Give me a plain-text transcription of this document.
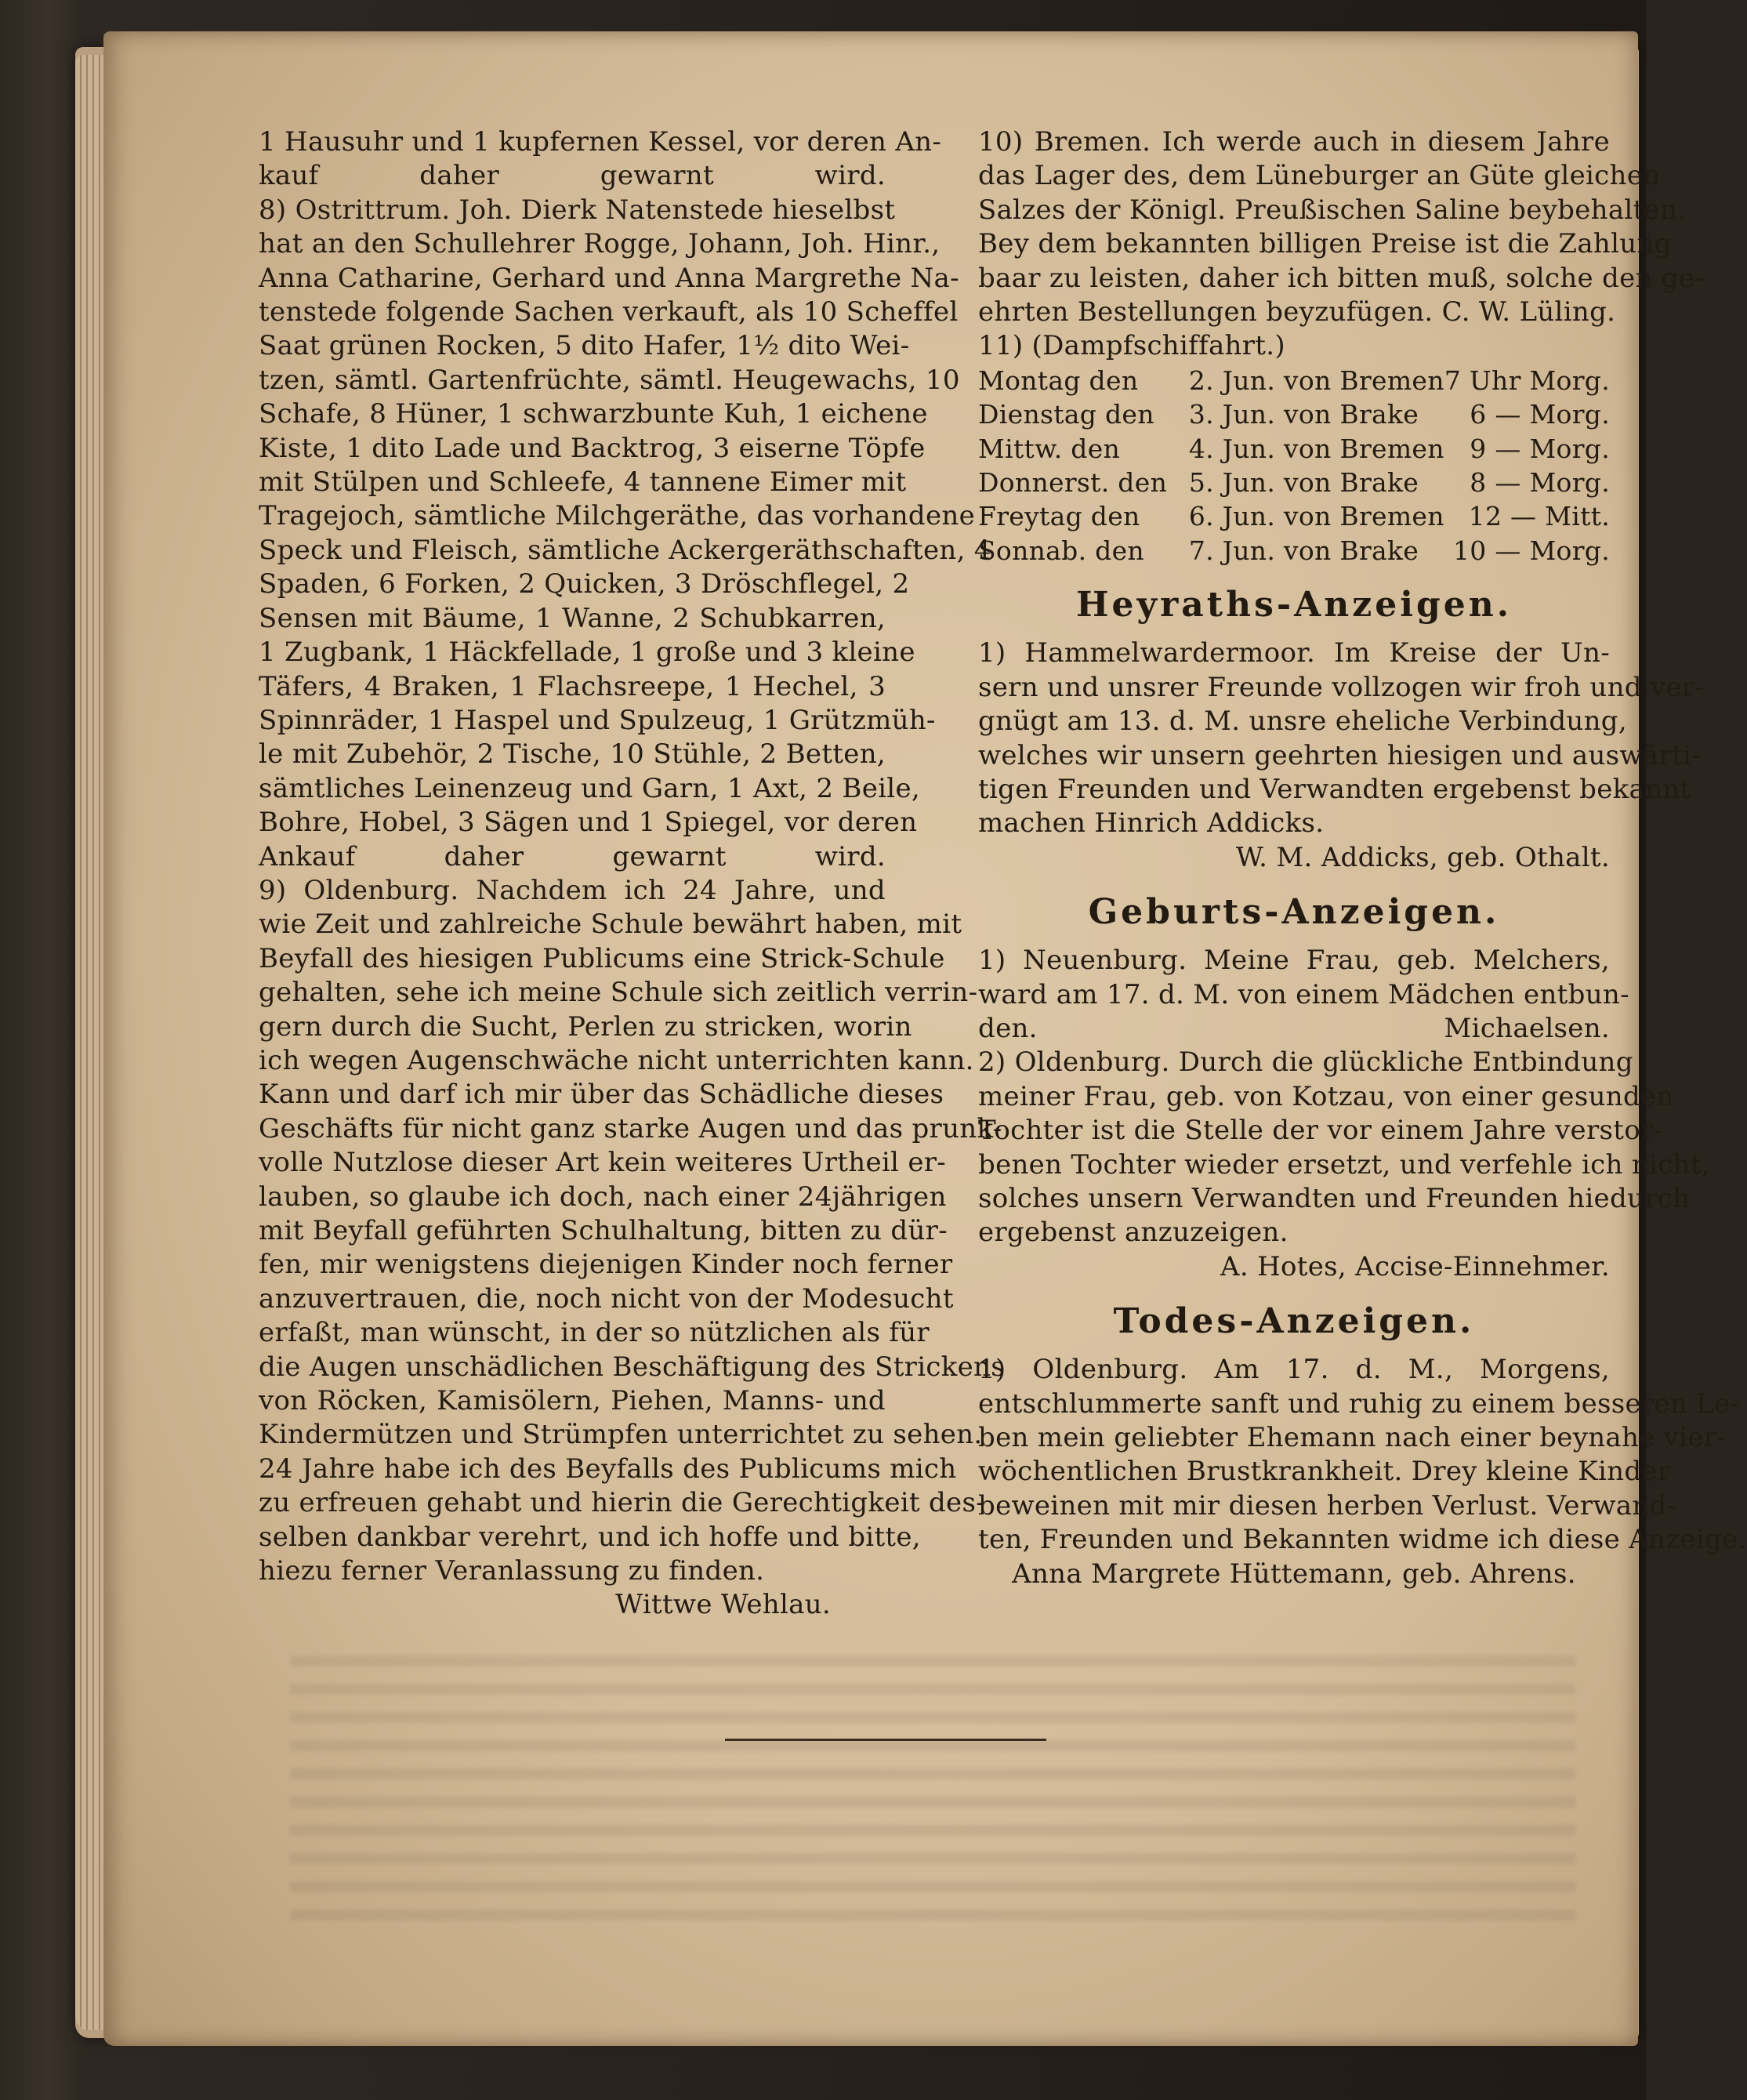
1 Hausuhr und 1 kupfernen Kessel, vor deren An-
kauf daher gewarnt wird.
8) Ostrittrum. Joh. Dierk Natenstede hieselbst
hat an den Schullehrer Rogge, Johann, Joh. Hinr.,
Anna Catharine, Gerhard und Anna Margrethe Na-
tenstede folgende Sachen verkauft, als 10 Scheffel
Saat grünen Rocken, 5 dito Hafer, 1½ dito Wei-
tzen, sämtl. Gartenfrüchte, sämtl. Heugewachs, 10
Schafe, 8 Hüner, 1 schwarzbunte Kuh, 1 eichene
Kiste, 1 dito Lade und Backtrog, 3 eiserne Töpfe
mit Stülpen und Schleefe, 4 tannene Eimer mit
Tragejoch, sämtliche Milchgeräthe, das vorhandene
Speck und Fleisch, sämtliche Ackergeräthschaften, 4
Spaden, 6 Forken, 2 Quicken, 3 Dröschflegel, 2
Sensen mit Bäume, 1 Wanne, 2 Schubkarren,
1 Zugbank, 1 Häckfellade, 1 große und 3 kleine
Täfers, 4 Braken, 1 Flachsreepe, 1 Hechel, 3
Spinnräder, 1 Haspel und Spulzeug, 1 Grützmüh-
le mit Zubehör, 2 Tische, 10 Stühle, 2 Betten,
sämtliches Leinenzeug und Garn, 1 Axt, 2 Beile,
Bohre, Hobel, 3 Sägen und 1 Spiegel, vor deren
Ankauf daher gewarnt wird.
9) Oldenburg. Nachdem ich 24 Jahre, und
wie Zeit und zahlreiche Schule bewährt haben, mit
Beyfall des hiesigen Publicums eine Strick-Schule
gehalten, sehe ich meine Schule sich zeitlich verrin-
gern durch die Sucht, Perlen zu stricken, worin
ich wegen Augenschwäche nicht unterrichten kann.
Kann und darf ich mir über das Schädliche dieses
Geschäfts für nicht ganz starke Augen und das prunk-
volle Nutzlose dieser Art kein weiteres Urtheil er-
lauben, so glaube ich doch, nach einer 24jährigen
mit Beyfall geführten Schulhaltung, bitten zu dür-
fen, mir wenigstens diejenigen Kinder noch ferner
anzuvertrauen, die, noch nicht von der Modesucht
erfaßt, man wünscht, in der so nützlichen als für
die Augen unschädlichen Beschäftigung des Strickens
von Röcken, Kamisölern, Piehen, Manns- und
Kindermützen und Strümpfen unterrichtet zu sehen.
24 Jahre habe ich des Beyfalls des Publicums mich
zu erfreuen gehabt und hierin die Gerechtigkeit des-
selben dankbar verehrt, und ich hoffe und bitte,
hiezu ferner Veranlassung zu finden.
Wittwe Wehlau.
10) Bremen. Ich werde auch in diesem Jahre
das Lager des, dem Lüneburger an Güte gleichen
Salzes der Königl. Preußischen Saline beybehalten.
Bey dem bekannten billigen Preise ist die Zahlung
baar zu leisten, daher ich bitten muß, solche den ge-
ehrten Bestellungen beyzufügen. C. W. Lüling.
11) (Dampfschiffahrt.)
Montag den	2. Jun. von Bremen	7 Uhr Morg.
Dienstag den	3. Jun. von Brake	6 — Morg.
Mittw. den	4. Jun. von Bremen	9 — Morg.
Donnerst. den	5. Jun. von Brake	8 — Morg.
Freytag den	6. Jun. von Bremen	12 — Mitt.
Sonnab. den	7. Jun. von Brake	10 — Morg.
Heyraths-Anzeigen.
1) Hammelwardermoor. Im Kreise der Un-
sern und unsrer Freunde vollzogen wir froh und ver-
gnügt am 13. d. M. unsre eheliche Verbindung,
welches wir unsern geehrten hiesigen und auswärti-
tigen Freunden und Verwandten ergebenst bekannt
machen Hinrich Addicks.
W. M. Addicks, geb. Othalt.
Geburts-Anzeigen.
1) Neuenburg. Meine Frau, geb. Melchers,
ward am 17. d. M. von einem Mädchen entbun-
den.	Michaelsen.
2) Oldenburg. Durch die glückliche Entbindung
meiner Frau, geb. von Kotzau, von einer gesunden
Tochter ist die Stelle der vor einem Jahre verstor-
benen Tochter wieder ersetzt, und verfehle ich nicht,
solches unsern Verwandten und Freunden hiedurch
ergebenst anzuzeigen.
A. Hotes, Accise-Einnehmer.
Todes-Anzeigen.
1) Oldenburg. Am 17. d. M., Morgens,
entschlummerte sanft und ruhig zu einem besseren Le-
ben mein geliebter Ehemann nach einer beynahe vier-
wöchentlichen Brustkrankheit. Drey kleine Kinder
beweinen mit mir diesen herben Verlust. Verwand-
ten, Freunden und Bekannten widme ich diese Anzeige.
Anna Margrete Hüttemann, geb. Ahrens.
